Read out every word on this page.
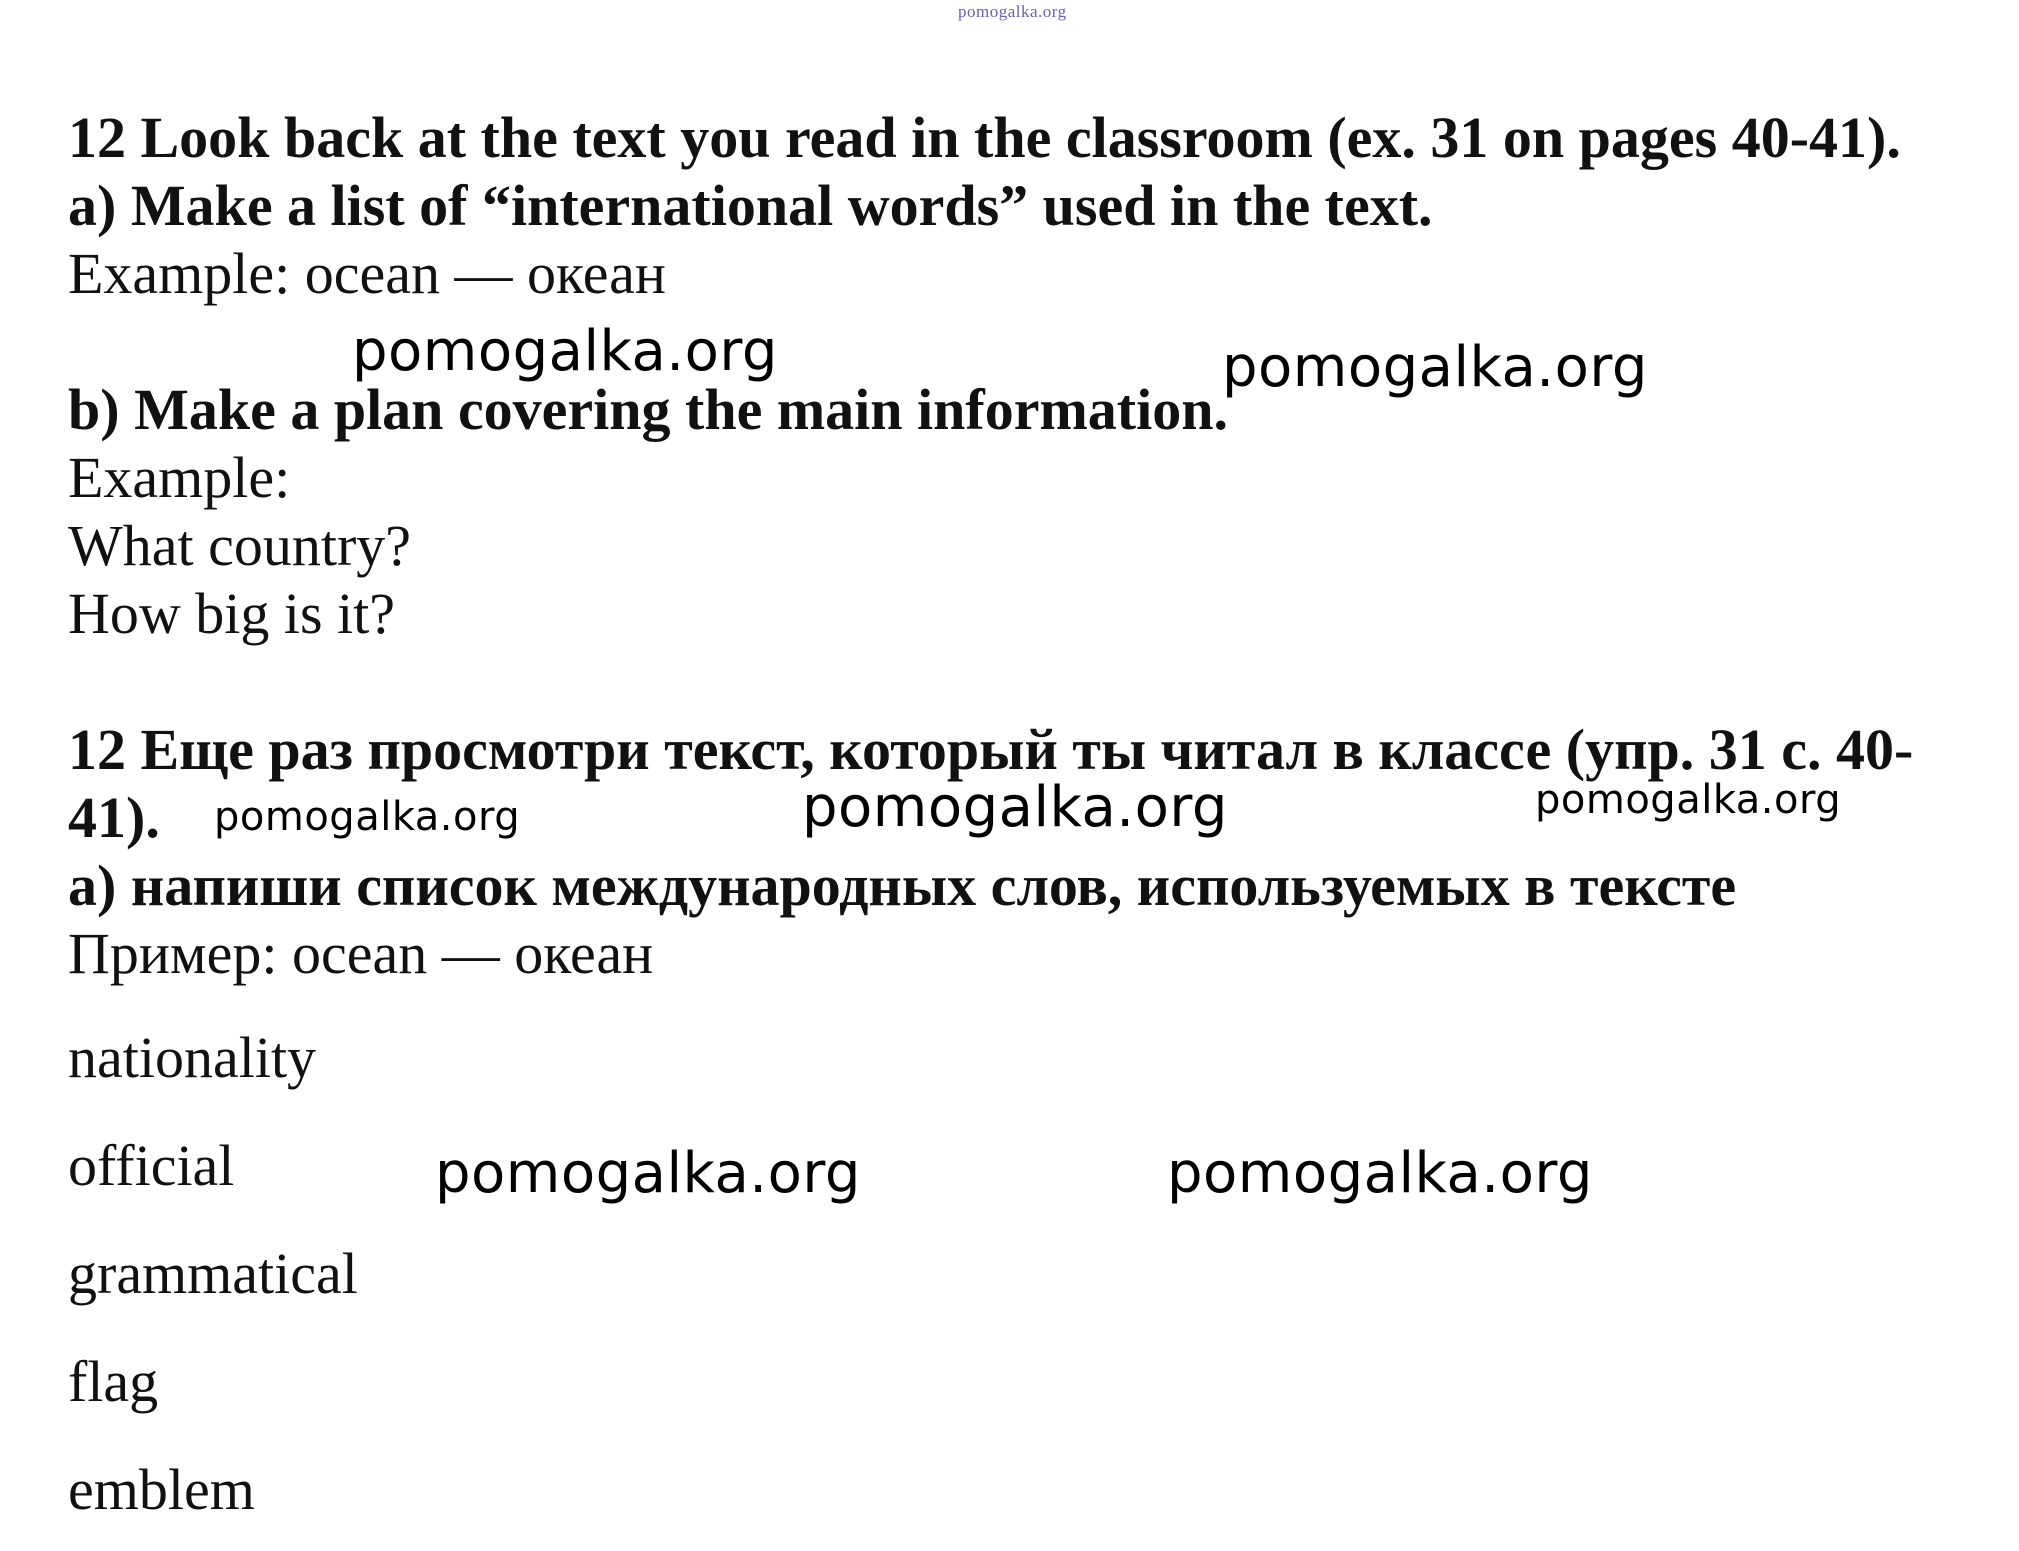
pomogalka.org
12 Look back at the text you read in the classroom (ex. 31 on pages 40-41).
a) Make a list of “international words” used in the text.
Example: ocean — океан
pomogalka.org	pomogalka.org
b) Make a plan covering the main information.
Example:
What country?
How big is it?
12 Еще раз просмотри текст, который ты читал в классе (упр. 31 с. 40-
41). pomogalka.org	pomogalka.org	pomogalka.org
а) напиши список международных слов, используемых в тексте
Пример: ocean — океан
nationality
official	pomogalka.org	pomogalka.org
grammatical
flag
emblem
